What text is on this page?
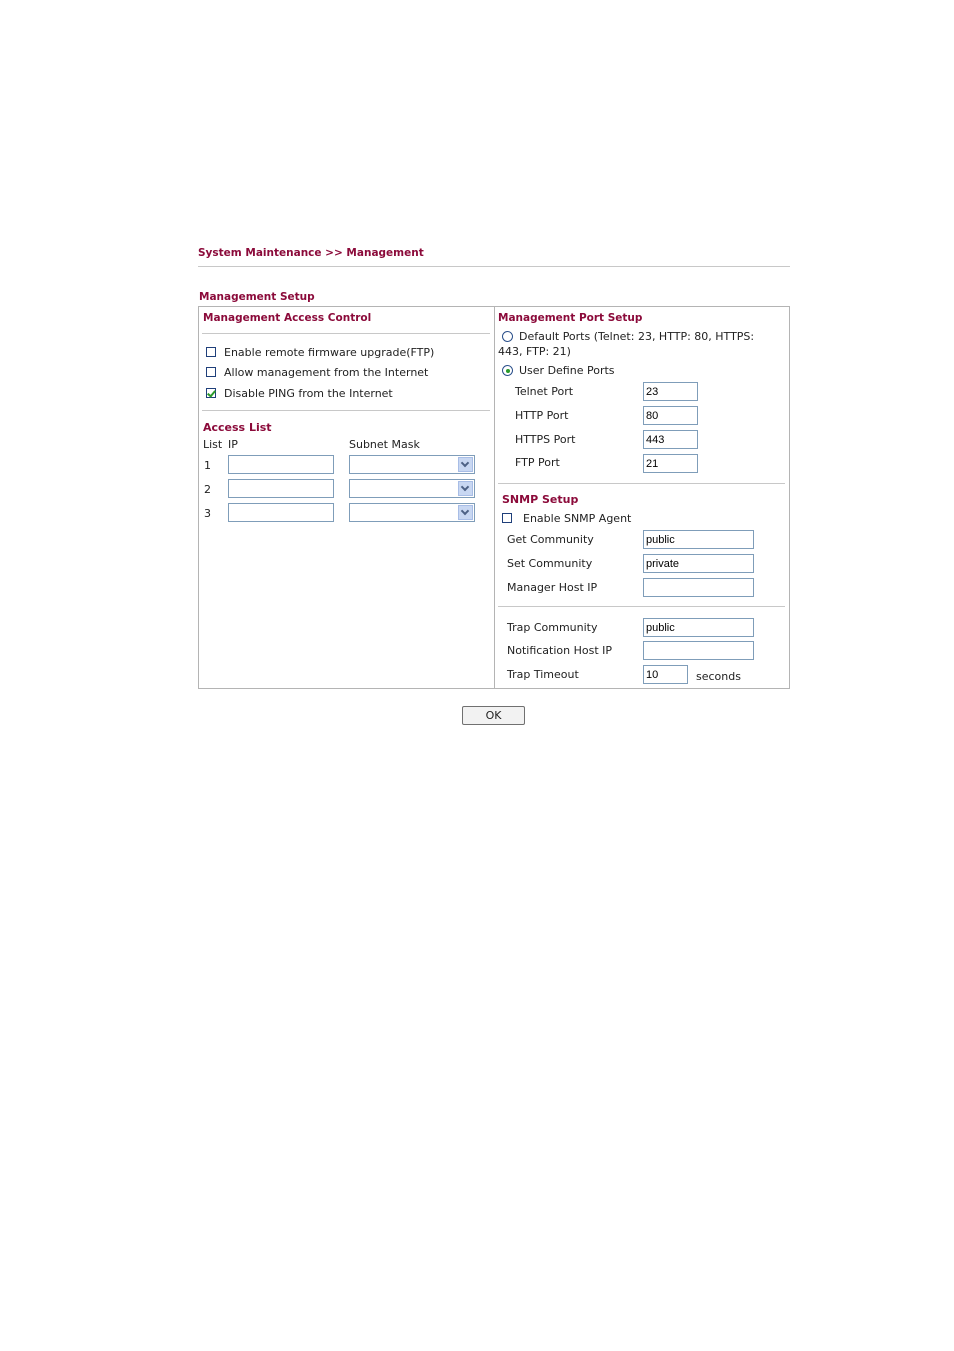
System Maintenance >> Management
Management Setup
Management Access Control
Enable remote firmware upgrade(FTP)
Allow management from the Internet
Disable PING from the Internet
Access List
List IP	Subnet Mask
1
2
3
Management Port Setup
Default Ports (Telnet: 23, HTTP: 80, HTTPS:
443, FTP: 21)
User Define Ports
Telnet Port
23
HTTP Port
80
HTTPS Port
443
FTP Port
21
SNMP Setup
Enable SNMP Agent
Get Community
public
Set Community
private
Manager Host IP
Trap Community
public
Notification Host IP
Trap Timeout
10	seconds
OK
